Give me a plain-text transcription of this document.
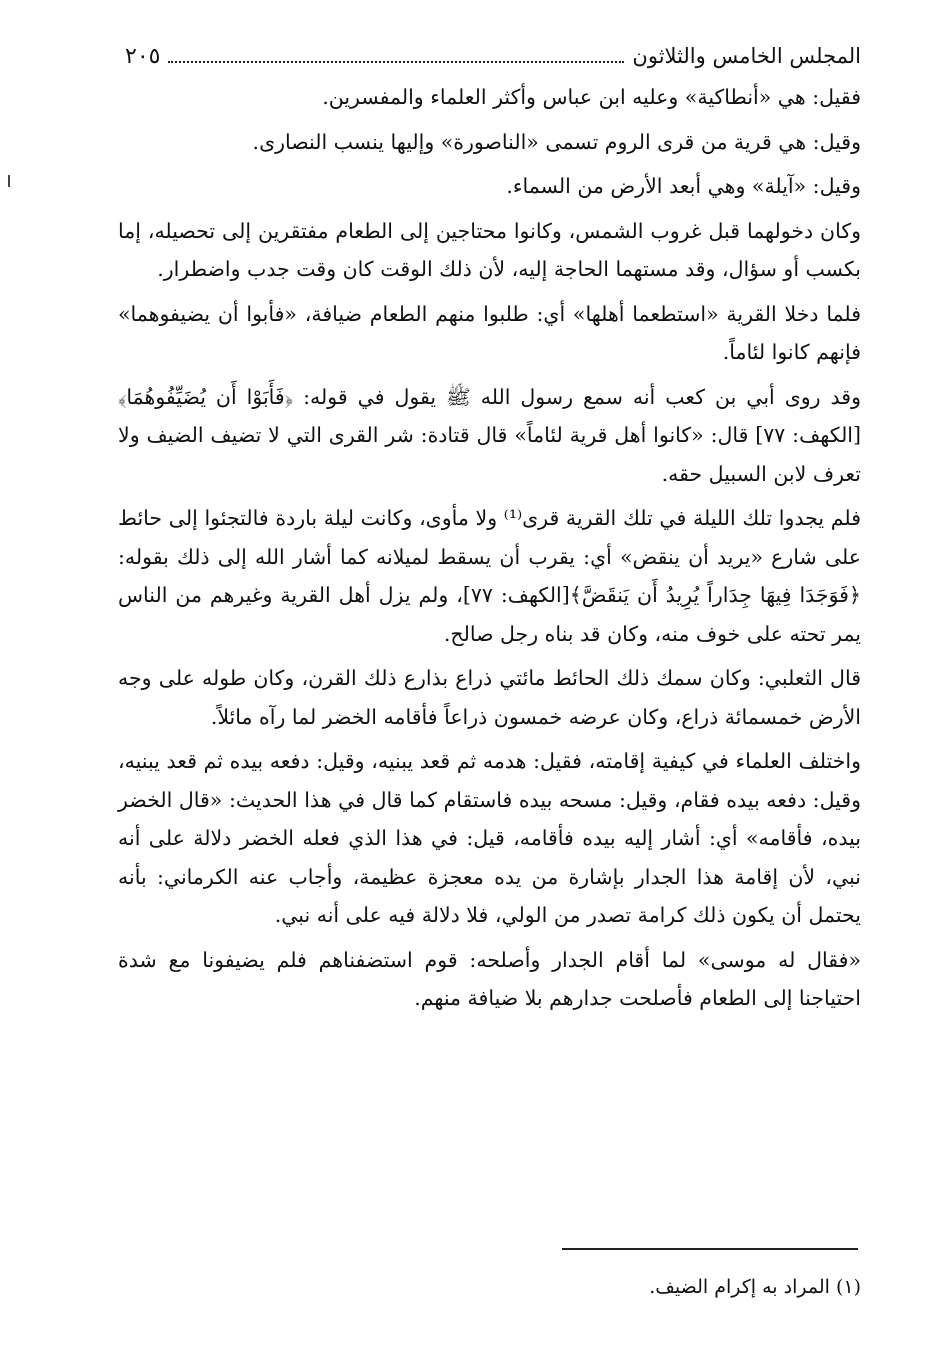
المجلس الخامس والثلاثون
٢٠٥

فقيل: هي «أنطاكية» وعليه ابن عباس وأكثر العلماء والمفسرين.

وقيل: هي قرية من قرى الروم تسمى «الناصورة» وإليها ينسب النصارى.

وقيل: «آيلة» وهي أبعد الأرض من السماء.

وكان دخولهما قبل غروب الشمس، وكانوا محتاجين إلى الطعام مفتقرين إلى تحصيله، إما بكسب أو سؤال، وقد مستهما الحاجة إليه، لأن ذلك الوقت كان وقت جدب واضطرار.

فلما دخلا القرية «استطعما أهلها» أي: طلبوا منهم الطعام ضيافة، «فأبوا أن يضيفوهما» فإنهم كانوا لئاماً.

وقد روى أبي بن كعب أنه سمع رسول الله ﷺ يقول في قوله: ﴿فَأَبَوْا أَن يُضَيِّفُوهُمَا﴾[الكهف: ٧٧] قال: «كانوا أهل قرية لئاماً» قال قتادة: شر القرى التي لا تضيف الضيف ولا تعرف لابن السبيل حقه.

فلم يجدوا تلك الليلة في تلك القرية قرى⁽¹⁾ ولا مأوى، وكانت ليلة باردة فالتجئوا إلى حائط على شارع «يريد أن ينقض» أي: يقرب أن يسقط لميلانه كما أشار الله إلى ذلك بقوله: ﴿فَوَجَدَا فِيهَا جِدَاراً يُرِيدُ أَن يَنقَضَّ﴾[الكهف: ٧٧]، ولم يزل أهل القرية وغيرهم من الناس يمر تحته على خوف منه، وكان قد بناه رجل صالح.

قال الثعلبي: وكان سمك ذلك الحائط مائتي ذراع بذارع ذلك القرن، وكان طوله على وجه الأرض خمسمائة ذراع، وكان عرضه خمسون ذراعاً فأقامه الخضر لما رآه مائلاً.

واختلف العلماء في كيفية إقامته، فقيل: هدمه ثم قعد يبنيه، وقيل: دفعه بيده ثم قعد يبنيه، وقيل: دفعه بيده فقام، وقيل: مسحه بيده فاستقام كما قال في هذا الحديث: «قال الخضر بيده، فأقامه» أي: أشار إليه بيده فأقامه، قيل: في هذا الذي فعله الخضر دلالة على أنه نبي، لأن إقامة هذا الجدار بإشارة من يده معجزة عظيمة، وأجاب عنه الكرماني: بأنه يحتمل أن يكون ذلك كرامة تصدر من الولي، فلا دلالة فيه على أنه نبي.

«فقال له موسى» لما أقام الجدار وأصلحه: قوم استضفناهم فلم يضيفونا مع شدة احتياجنا إلى الطعام فأصلحت جدارهم بلا ضيافة منهم.

(١) المراد به إكرام الضيف.
